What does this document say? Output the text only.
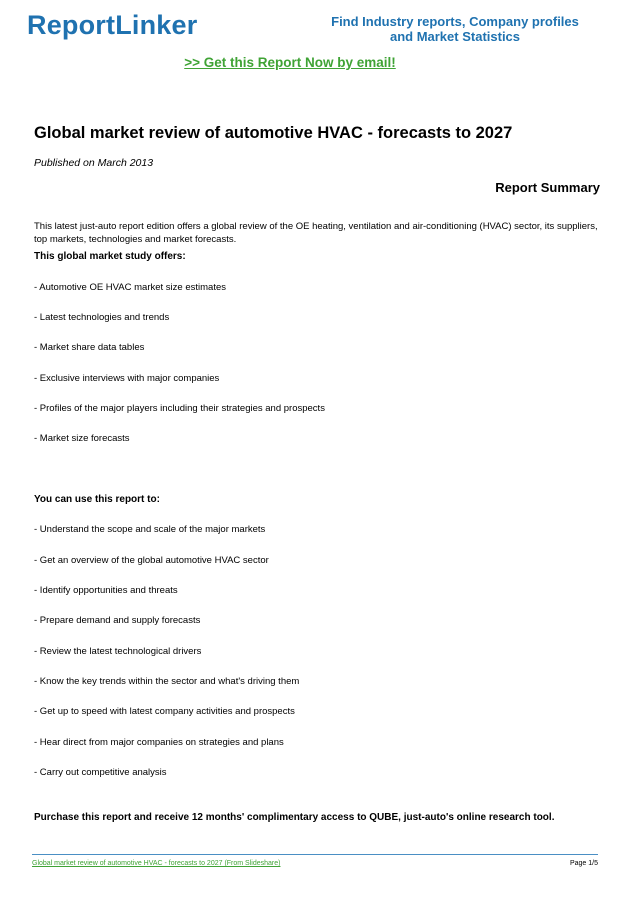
ReportLinker	Find Industry reports, Company profiles
and Market Statistics
>> Get this Report Now by email!
Global market review of automotive HVAC - forecasts to 2027
Published on March 2013
Report Summary
This latest just-auto report edition offers a global review of the OE heating, ventilation and air-conditioning (HVAC) sector, its suppliers, top markets, technologies and market forecasts.
This global market study offers:
- Automotive OE HVAC market size estimates
- Latest technologies and trends
- Market share data tables
- Exclusive interviews with major companies
- Profiles of the major players including their strategies and prospects
- Market size forecasts
You can use this report to:
- Understand the scope and scale of the major markets
- Get an overview of the global automotive HVAC sector
- Identify opportunities and threats
- Prepare demand and supply forecasts
- Review the latest technological drivers
- Know the key trends within the sector and what's driving them
- Get up to speed with latest company activities and prospects
- Hear direct from major companies on strategies and plans
- Carry out competitive analysis
Purchase this report and receive 12 months' complimentary access to QUBE, just-auto's online research tool.
Global market review of automotive HVAC - forecasts to 2027 (From Slideshare)	Page 1/5
